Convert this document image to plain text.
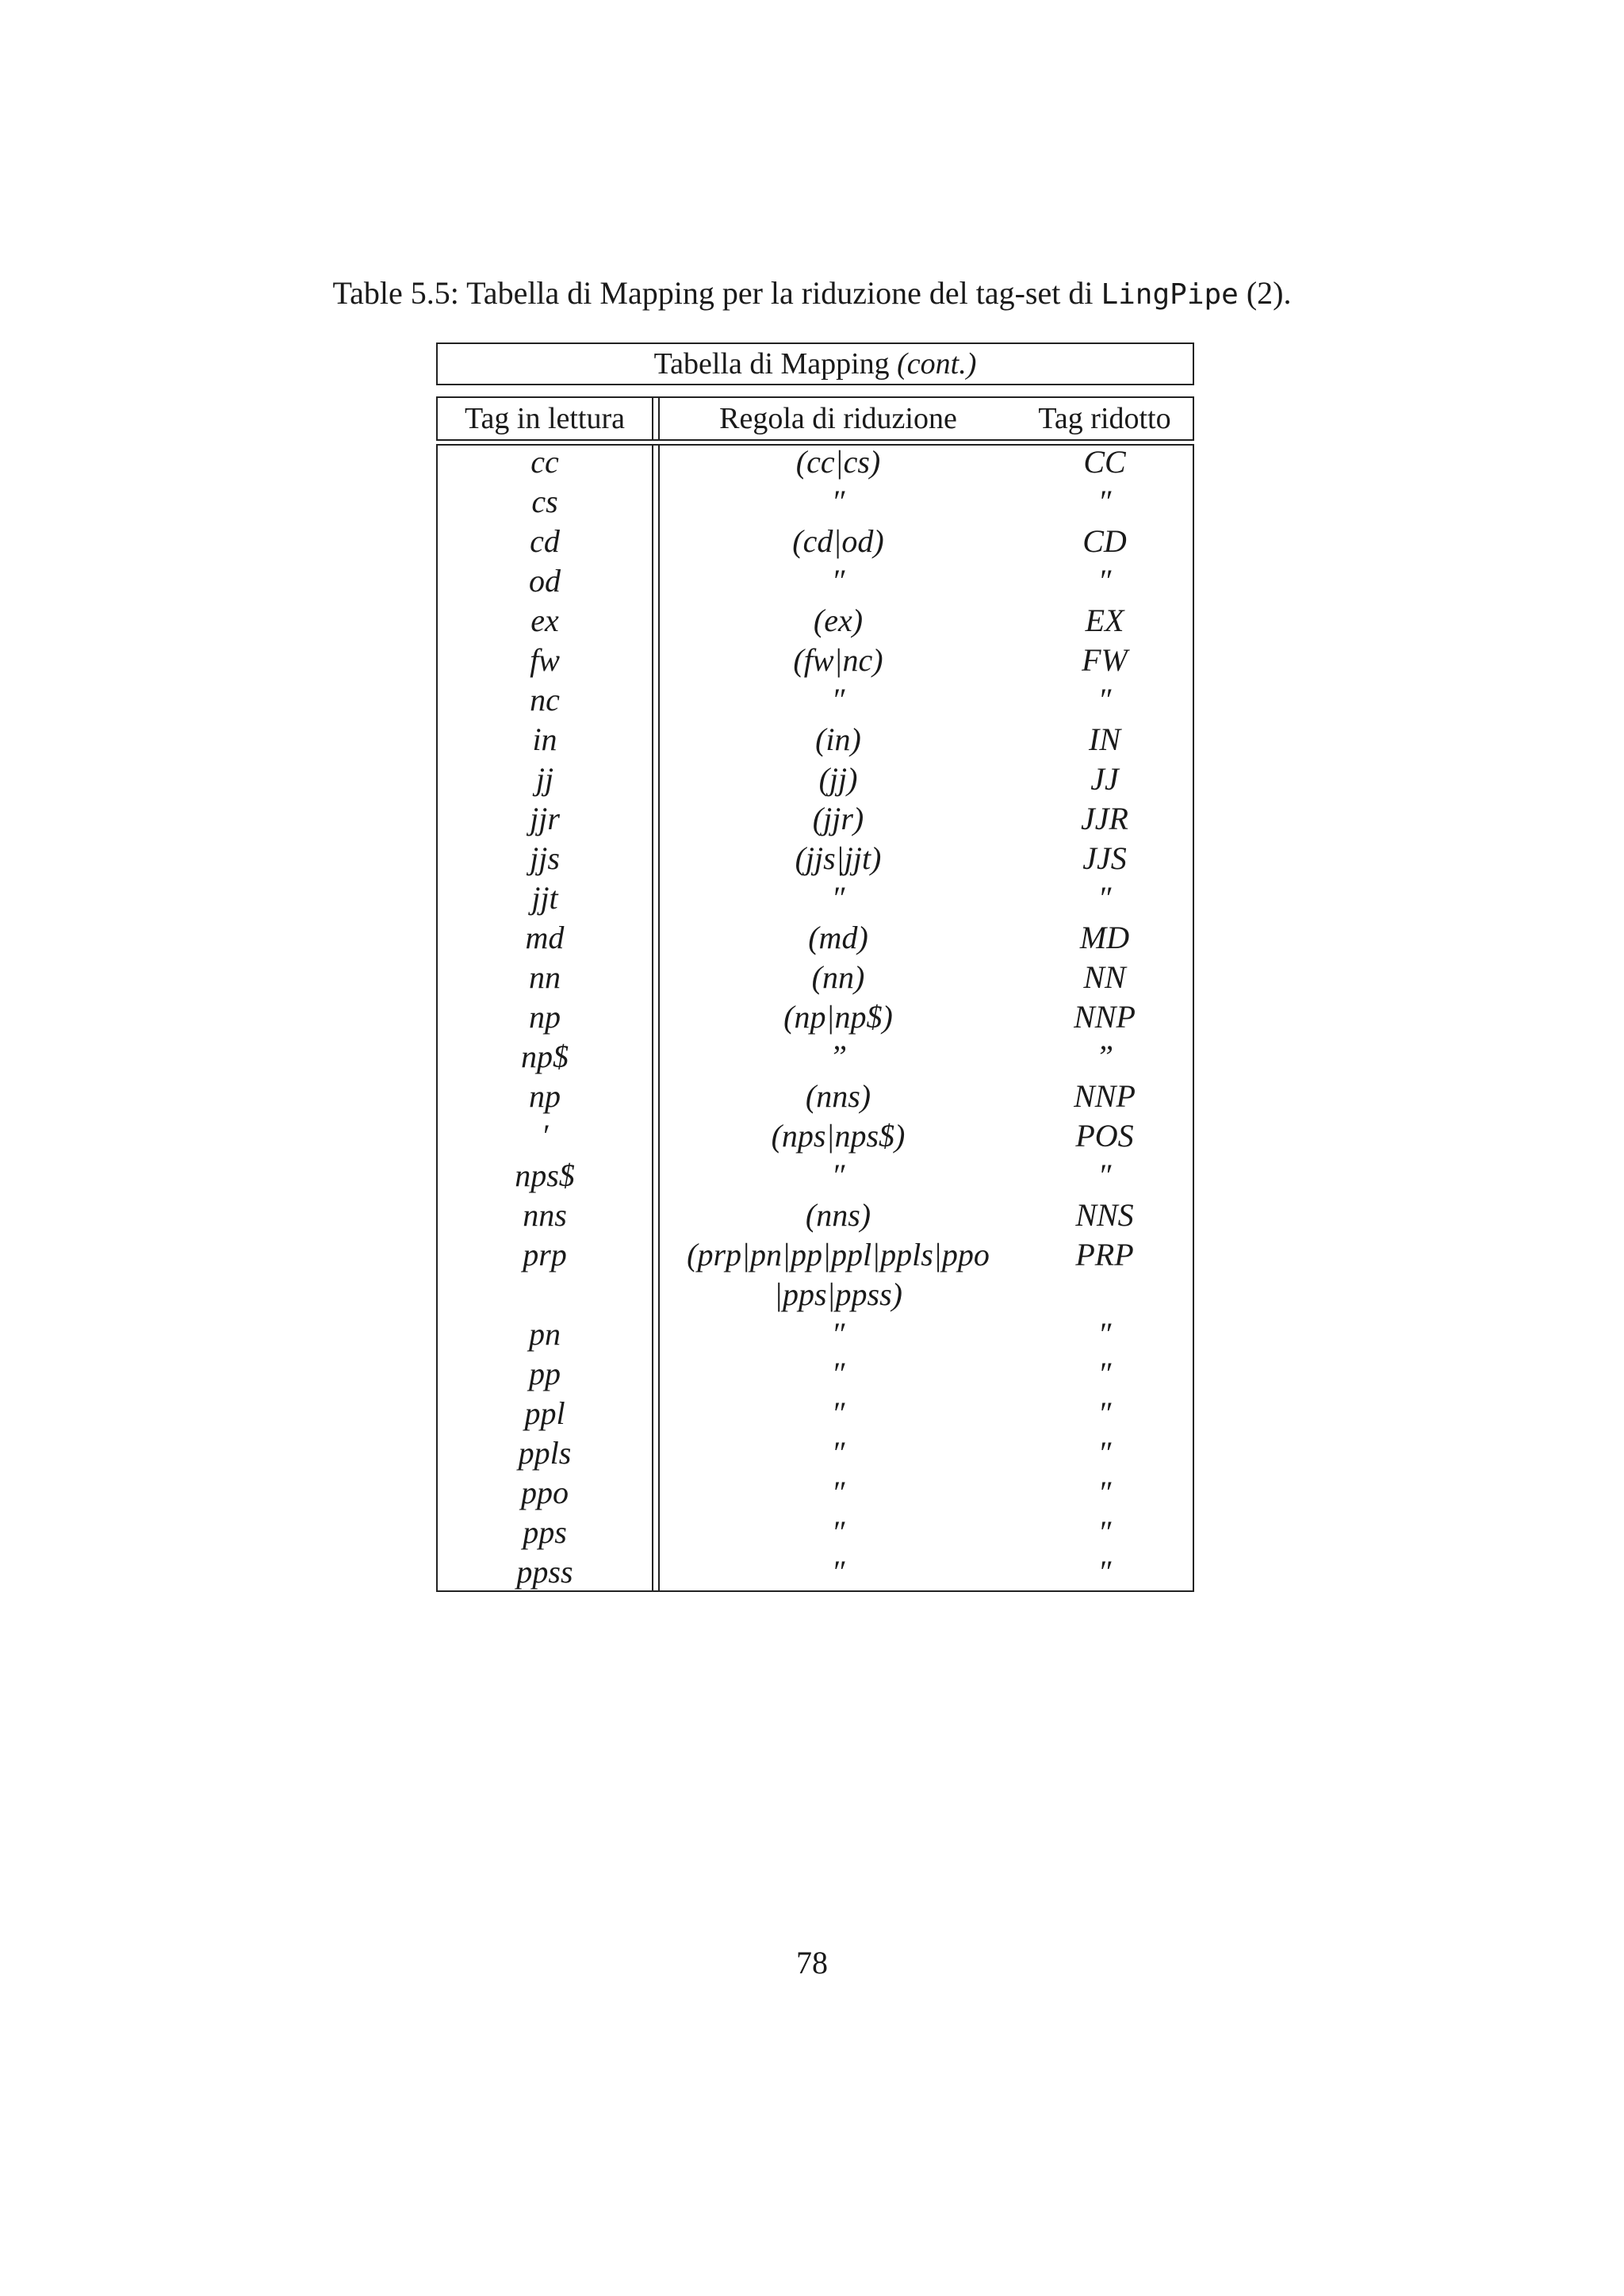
Table 5.5: Tabella di Mapping per la riduzione del tag-set di LingPipe (2).
Tabella di Mapping (cont.)
Tag in lettura	Regola di riduzione	Tag ridotto
cc	(cc|cs)	CC
cs	″	″
cd	(cd|od)	CD
od	″	″
ex	(ex)	EX
fw	(fw|nc)	FW
nc	″	″
in	(in)	IN
jj	(jj)	JJ
jjr	(jjr)	JJR
jjs	(jjs|jjt)	JJS
jjt	″	″
md	(md)	MD
nn	(nn)	NN
np	(np|np$)	NNP
np$	”	”
np	(nns)	NNP
′	(nps|nps$)	POS
nps$	″	″
nns	(nns)	NNS
prp	(prp|pn|pp|ppl|ppls|ppo	PRP
|pps|ppss)
pn	″	″
pp	″	″
ppl	″	″
ppls	″	″
ppo	″	″
pps	″	″
ppss	″	″
78
